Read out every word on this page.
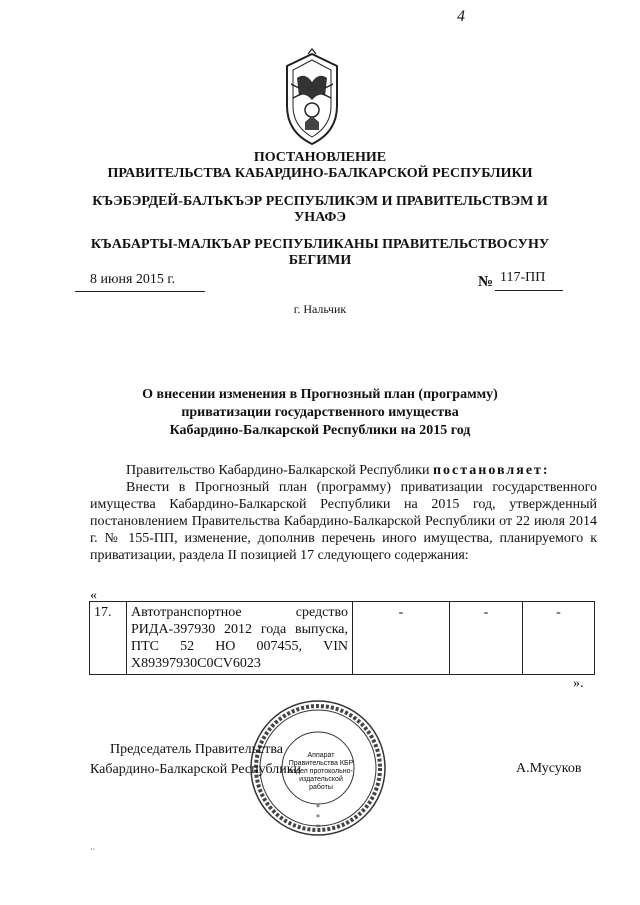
4
ПОСТАНОВЛЕНИЕ
ПРАВИТЕЛЬСТВА КАБАРДИНО-БАЛКАРСКОЙ РЕСПУБЛИКИ
КЪЭБЭРДЕЙ-БАЛЪКЪЭР РЕСПУБЛИКЭМ И ПРАВИТЕЛЬСТВЭМ И УНАФЭ
КЪАБАРТЫ-МАЛКЪАР РЕСПУБЛИКАНЫ ПРАВИТЕЛЬСТВОСУНУ БЕГИМИ
8 июня 2015 г.	№ 117-ПП
г. Нальчик
О внесении изменения в Прогнозный план (программу)
приватизации государственного имущества
Кабардино-Балкарской Республики на 2015 год
Правительство Кабардино-Балкарской Республики постановляет:
Внести в Прогнозный план (программу) приватизации государственного имущества Кабардино-Балкарской Республики на 2015 год, утвержденный постановлением Правительства Кабардино-Балкарской Республики от 22 июля 2014 г. № 155-ПП, изменение, дополнив перечень иного имущества, планируемого к приватизации, раздела II позицией 17 следующего содержания:
«
17.	Автотранспортное средство РИДА-397930 2012 года выпуска, ПТС 52 НО 007455, VIN X89397930C0CV6023	-	-	-
».
*
*
*
Аппарат Правительства КБР отдел протокольно-издательской работы
Председатель Правительства
Кабардино-Балкарской Республики	А.Мусуков
··
